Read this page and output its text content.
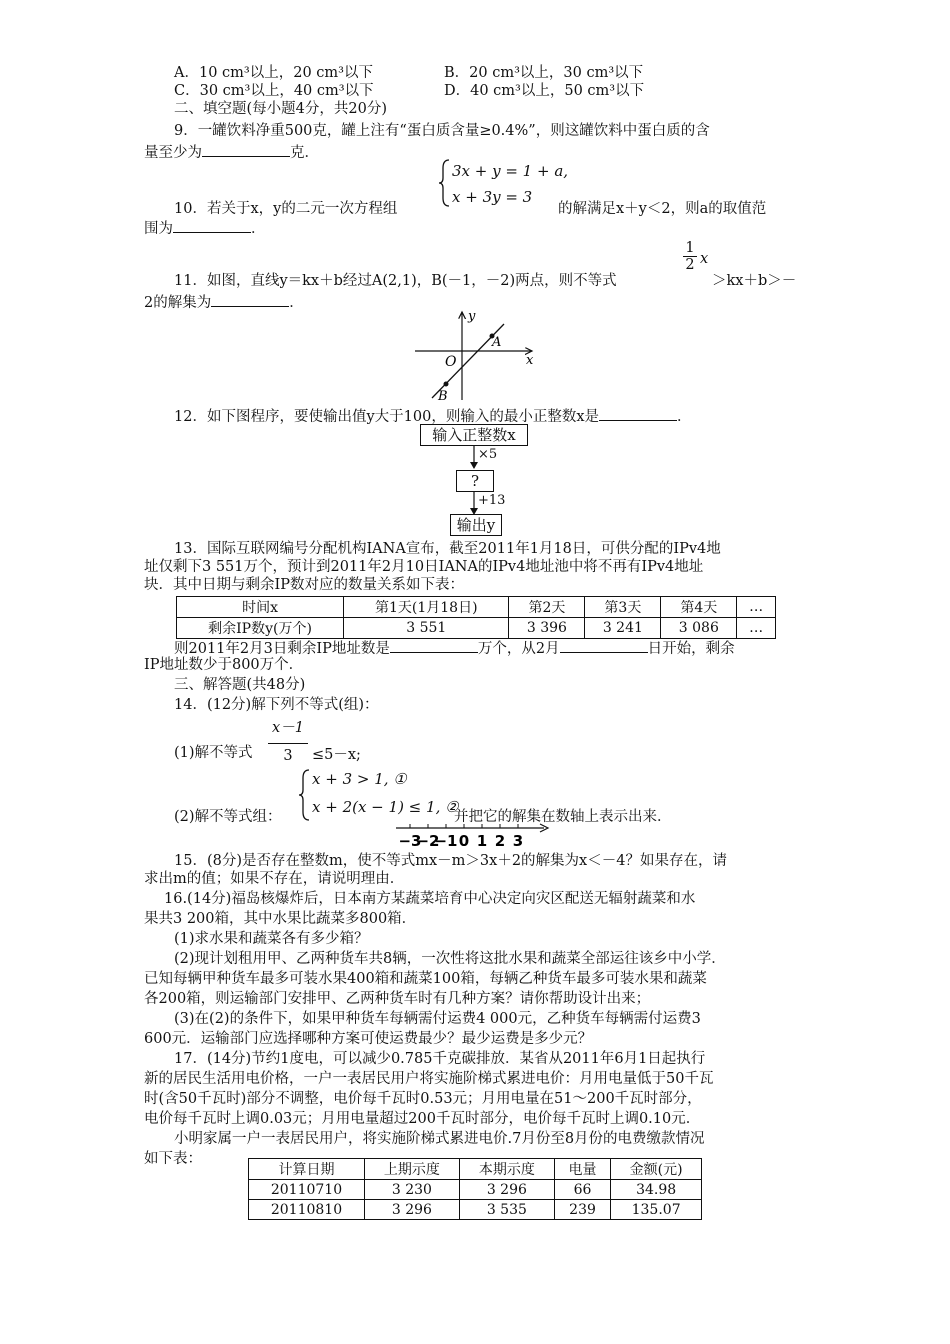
A．10 cm³以上，20 cm³以下	B．20 cm³以上，30 cm³以下
C．30 cm³以上，40 cm³以下	D．40 cm³以上，50 cm³以下
二、填空题(每小题4分，共20分)
9．一罐饮料净重500克，罐上注有“蛋白质含量≥0.4%”，则这罐饮料中蛋白质的含
量至少为	克．
3x + y = 1 + a,
x + 3y = 3
10．若关于x，y的二元一次方程组	的解满足x＋y＜2，则a的取值范
围为	．
$\frac{1}{2}$ x
11．如图，直线y＝kx＋b经过A(2,1)，B(－1，－2)两点，则不等式	＞kx＋b＞－
2的解集为	．
y
x
O
A
B
12．如下图程序，要使输出值y大于100，则输入的最小正整数x是	．
输入正整数x
×5
?
+13
输出y
13．国际互联网编号分配机构IANA宣布，截至2011年1月18日，可供分配的IPv4地
址仅剩下3 551万个，预计到2011年2月10日IANA的IPv4地址池中将不再有IPv4地址
块．其中日期与剩余IP数对应的数量关系如下表：
时间x	第1天(1月18日)	第2天	第3天	第4天	…
剩余IP数y(万个)	3 551	3 396	3 241	3 086	…
则2011年2月3日剩余IP地址数是	万个，从2月	日开始，剩余
IP地址数少于800万个．
三、解答题(共48分)
14．(12分)解下列不等式(组)：
$\frac{x-1}{3}$
(1)解不等式	≤5－x;
x + 3 > 1, ①
x + 2(x − 1) ≤ 1, ②
(2)解不等式组：	并把它的解集在数轴上表示出来．
−3
−2
−1 0 1 2 3
15．(8分)是否存在整数m，使不等式mx－m＞3x＋2的解集为x＜－4？如果存在，请
求出m的值；如果不存在，请说明理由．
16.(14分)福岛核爆炸后，日本南方某蔬菜培育中心决定向灾区配送无辐射蔬菜和水
果共3 200箱，其中水果比蔬菜多800箱．
(1)求水果和蔬菜各有多少箱？
(2)现计划租用甲、乙两种货车共8辆，一次性将这批水果和蔬菜全部运往该乡中小学．
已知每辆甲种货车最多可装水果400箱和蔬菜100箱，每辆乙种货车最多可装水果和蔬菜
各200箱，则运输部门安排甲、乙两种货车时有几种方案？请你帮助设计出来；
(3)在(2)的条件下，如果甲种货车每辆需付运费4 000元，乙种货车每辆需付运费3
600元．运输部门应选择哪种方案可使运费最少？最少运费是多少元？
17．(14分)节约1度电，可以减少0.785千克碳排放．某省从2011年6月1日起执行
新的居民生活用电价格，一户一表居民用户将实施阶梯式累进电价：月用电量低于50千瓦
时(含50千瓦时)部分不调整，电价每千瓦时0.53元；月用电量在51～200千瓦时部分，
电价每千瓦时上调0.03元；月用电量超过200千瓦时部分，电价每千瓦时上调0.10元．
小明家属一户一表居民用户，将实施阶梯式累进电价.7月份至8月份的电费缴款情况
如下表：
计算日期	上期示度	本期示度	电量	金额(元)
20110710	3 230	3 296	66	34.98
20110810	3 296	3 535	239	135.07
